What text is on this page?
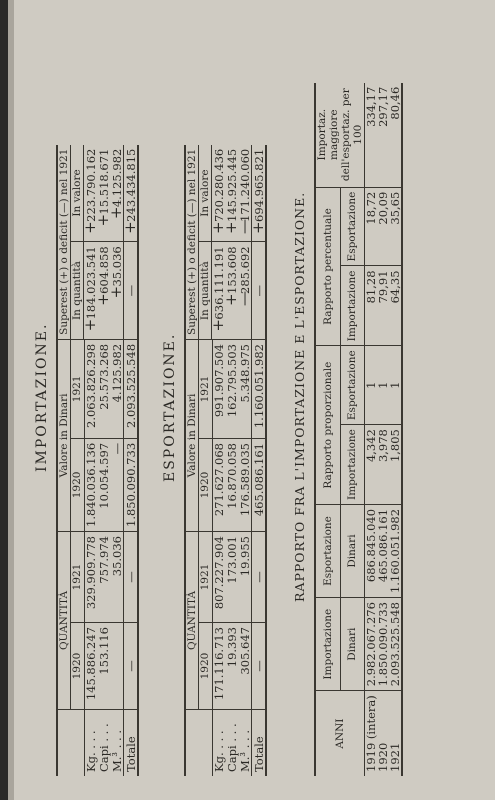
IMPORTAZIONE.
	QUANTITÀ		Valore in Dinari		Superest (+) o deficit (—) nel 1921	
	1920	1921	1920	1921	In quantità	In valore

Kg. . . .	145.886.247	329.909.778	1.840.036.136	2.063.826.298	+184.023.541	+223.790.162
Capi . . .	153.116	757.974	10.054.597	25.573.268	+604.858	+15.518.671
M.³ . . .		35.036	—	4.125.982	+35.036	+4.125.982
Totale	—	—	1.850.090.733	2.093.525.548	—	+243.434.815
ESPORTAZIONE.
	QUANTITÀ		Valore in Dinari		Superest (+) o deficit (—) nel 1921	
	1920	1921	1920	1921	In quantità	In valore

Kg. . . .	171.116.713	807.227.904	271.627.068	991.907.504	+636.111.191	+720.280.436
Capi . . .	19.393	173.001	16.870.058	162.795.503	+153.608	+145.925.445
M.³ . . .	305.647	19.955	176.589.035	5.348.975	—285.692	—171.240.060
Totale	—	—	465.086.161	1.160.051.982	—	+694.965.821
RAPPORTO FRA L'IMPORTAZIONE E L'ESPORTAZIONE.
ANNI	Importazione	Esportazione	Rapporto proporzionale		Rapporto percentuale		Importaz. maggiore dell'esportaz. per 100
	Dinari	Dinari	Importazione	Esportazione	Importazione	Esportazione	
1919 (intera)	2.982.067.276	686.845.040	4,342	1	81,28	18,72	334,17
1920	1.850.090.733	465.086.161	3,978	1	79,91	20,09	297,17
1921	2.093.525.548	1.160.051.982	1,805	1	64,35	35,65	80,46
